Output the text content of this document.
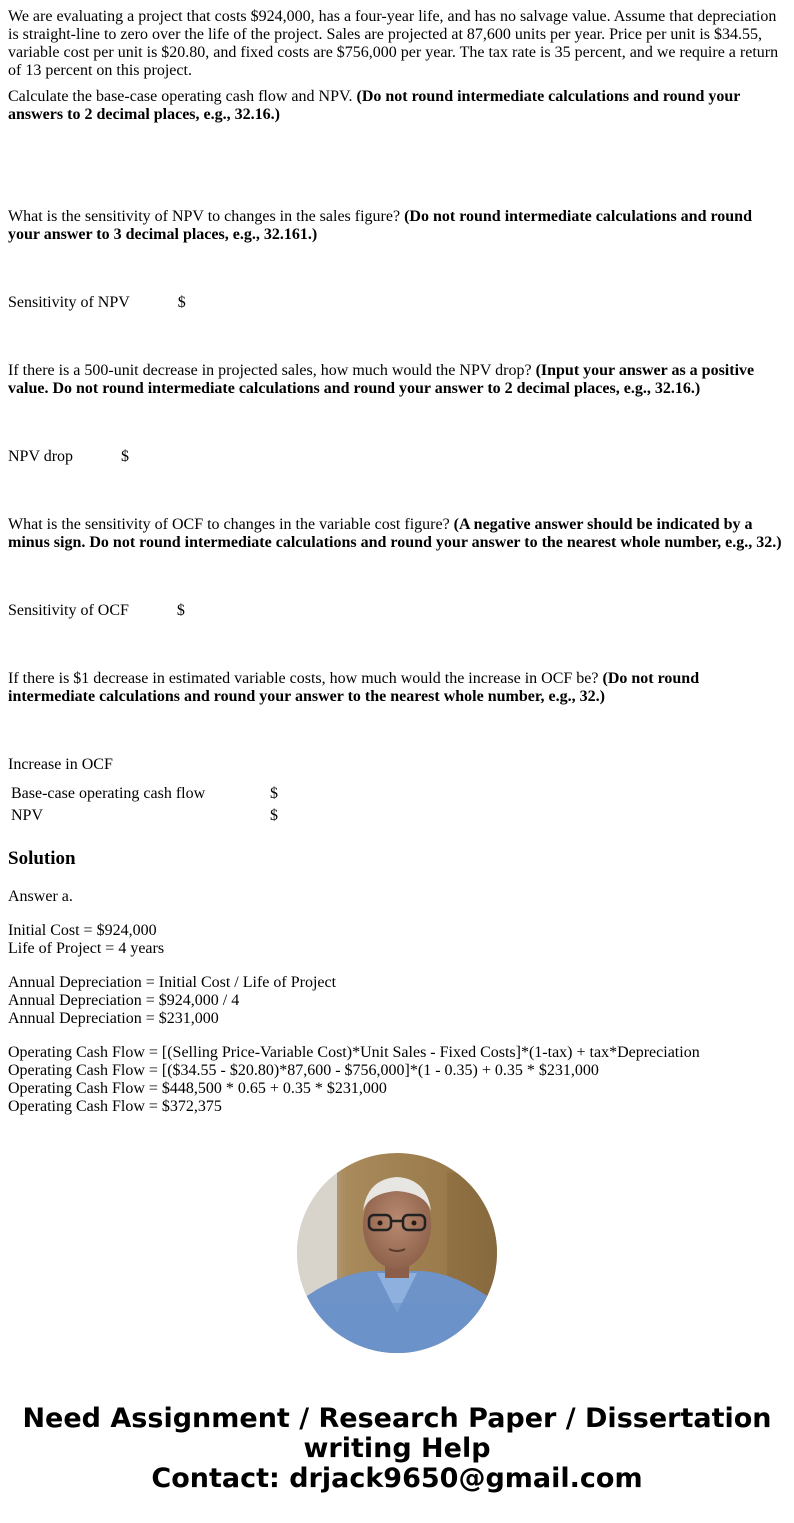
We are evaluating a project that costs $924,000, has a four-year life, and has no salvage value. Assume that depreciation is straight-line to zero over the life of the project. Sales are projected at 87,600 units per year. Price per unit is $34.55, variable cost per unit is $20.80, and fixed costs are $756,000 per year. The tax rate is 35 percent, and we require a return of 13 percent on this project.

Calculate the base-case operating cash flow and NPV. (Do not round intermediate calculations and round your answers to 2 decimal places, e.g., 32.16.)

What is the sensitivity of NPV to changes in the sales figure? (Do not round intermediate calculations and round your answer to 3 decimal places, e.g., 32.161.)

Sensitivity of NPV	$

If there is a 500-unit decrease in projected sales, how much would the NPV drop? (Input your answer as a positive value. Do not round intermediate calculations and round your answer to 2 decimal places, e.g., 32.16.)

NPV drop	$

What is the sensitivity of OCF to changes in the variable cost figure? (A negative answer should be indicated by a minus sign. Do not round intermediate calculations and round your answer to the nearest whole number, e.g., 32.)

Sensitivity of OCF	$

If there is $1 decrease in estimated variable costs, how much would the increase in OCF be? (Do not round intermediate calculations and round your answer to the nearest whole number, e.g., 32.)

Increase in OCF
Base-case operating cash flow	$
NPV	$
Solution

Answer a.

Initial Cost = $924,000

Life of Project = 4 years

Annual Depreciation = Initial Cost / Life of Project

Annual Depreciation = $924,000 / 4

Annual Depreciation = $231,000

Operating Cash Flow = [(Selling Price-Variable Cost)*Unit Sales - Fixed Costs]*(1-tax) + tax*Depreciation

Operating Cash Flow = [($34.55 - $20.80)*87,600 - $756,000]*(1 - 0.35) + 0.35 * $231,000

Operating Cash Flow = $448,500 * 0.65 + 0.35 * $231,000

Operating Cash Flow = $372,375

Need Assignment / Research Paper / Dissertation
writing Help
Contact: drjack9650@gmail.com
